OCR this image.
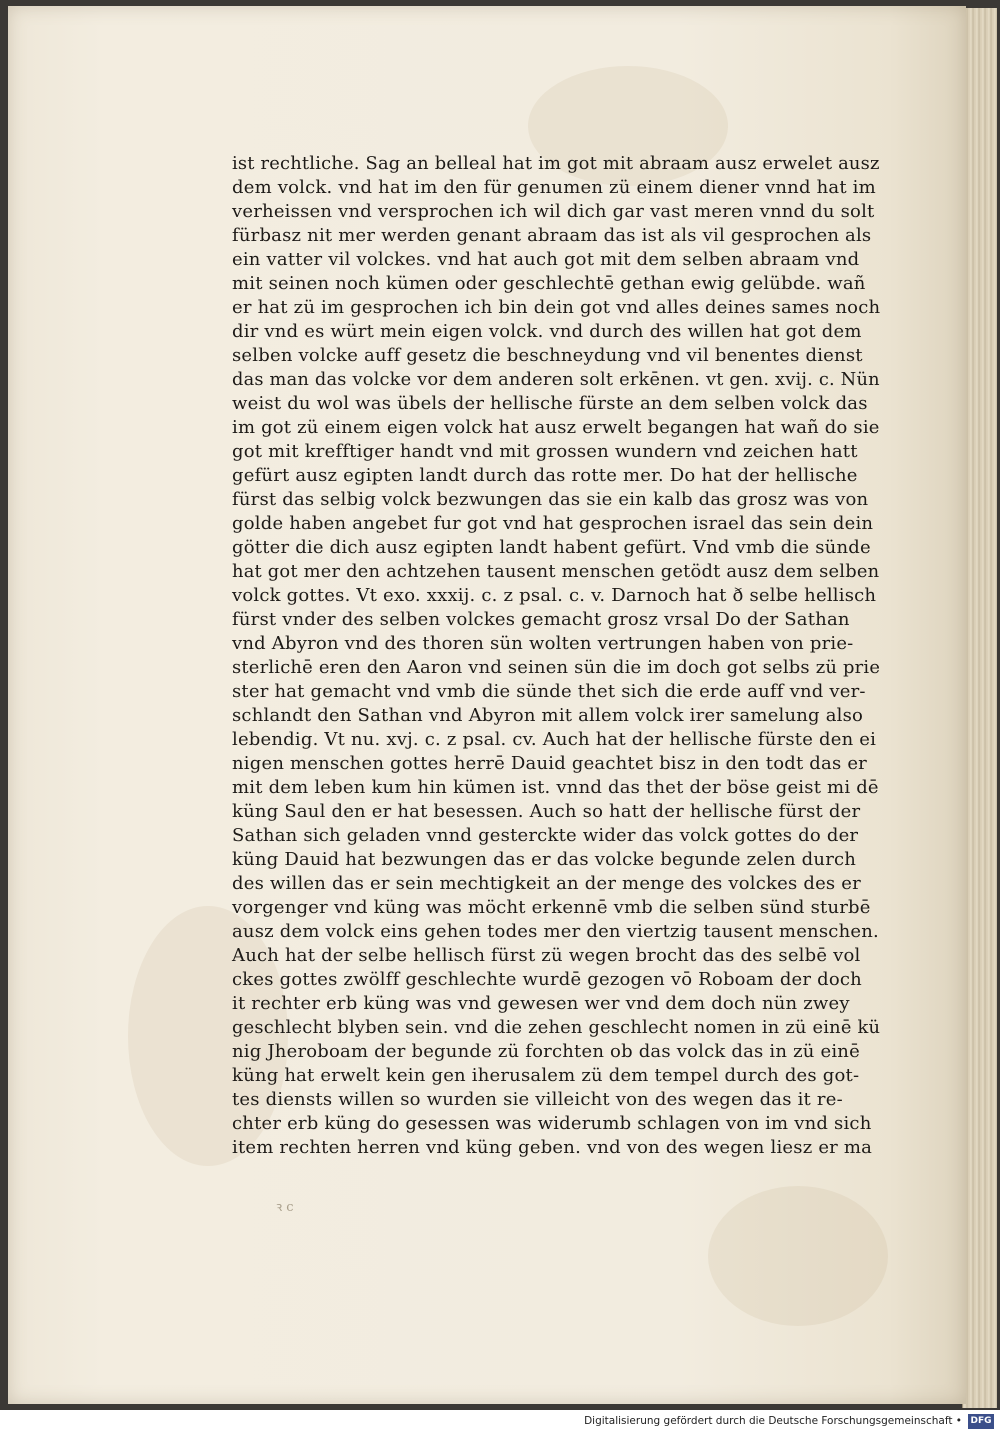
ist rechtliche. Sag an belleal hat im got mit abraam ausz erwelet ausz
dem volck. vnd hat im den für genumen zü einem diener vnnd hat im
verheissen vnd versprochen ich wil dich gar vast meren vnnd du solt
fürbasz nit mer werden genant abraam das ist als vil gesprochen als
ein vatter vil volckes. vnd hat auch got mit dem selben abraam vnd
mit seinen noch kümen oder geschlechtē gethan ewig gelübde. wañ
er hat zü im gesprochen ich bin dein got vnd alles deines sames noch
dir vnd es würt mein eigen volck. vnd durch des willen hat got dem
selben volcke auff gesetz die beschneydung vnd vil benentes dienst
das man das volcke vor dem anderen solt erkēnen. vt gen. xvij. c. Nün
weist du wol was übels der hellische fürste an dem selben volck das
im got zü einem eigen volck hat ausz erwelt begangen hat wañ do sie
got mit krefftiger handt vnd mit grossen wundern vnd zeichen hatt
gefürt ausz egipten landt durch das rotte mer. Do hat der hellische
fürst das selbig volck bezwungen das sie ein kalb das grosz was von
golde haben angebet fur got vnd hat gesprochen israel das sein dein
götter die dich ausz egipten landt habent gefürt. Vnd vmb die sünde
hat got mer den achtzehen tausent menschen getödt ausz dem selben
volck gottes. Vt exo. xxxij. c. z psal. c. v. Darnoch hat ð selbe hellisch
fürst vnder des selben volckes gemacht grosz vrsal Do der Sathan
vnd Abyron vnd des thoren sün wolten vertrungen haben von prie-
sterlichē eren den Aaron vnd seinen sün die im doch got selbs zü prie
ster hat gemacht vnd vmb die sünde thet sich die erde auff vnd ver-
schlandt den Sathan vnd Abyron mit allem volck irer samelung also
lebendig. Vt nu. xvj. c. z psal. cv. Auch hat der hellische fürste den ei
nigen menschen gottes herrē Dauid geachtet bisz in den todt das er
mit dem leben kum hin kümen ist. vnnd das thet der böse geist mi dē
küng Saul den er hat besessen. Auch so hatt der hellische fürst der
Sathan sich geladen vnnd gesterckte wider das volck gottes do der
küng Dauid hat bezwungen das er das volcke begunde zelen durch
des willen das er sein mechtigkeit an der menge des volckes des er
vorgenger vnd küng was möcht erkennē vmb die selben sünd sturbē
ausz dem volck eins gehen todes mer den viertzig tausent menschen.
Auch hat der selbe hellisch fürst zü wegen brocht das des selbē vol
ckes gottes zwölff geschlechte wurdē gezogen vō Roboam der doch
it rechter erb küng was vnd gewesen wer vnd dem doch nün zwey
geschlecht blyben sein. vnd die zehen geschlecht nomen in zü einē kü
nig Jheroboam der begunde zü forchten ob das volck das in zü einē
küng hat erwelt kein gen iherusalem zü dem tempel durch des got-
tes diensts willen so wurden sie villeicht von des wegen das it re-
chter erb küng do gesessen was widerumb schlagen von im vnd sich
item rechten herren vnd küng geben. vnd von des wegen liesz er ma
ꝛ c
Digitalisierung gefördert durch die Deutsche Forschungsgemeinschaft • DFG
